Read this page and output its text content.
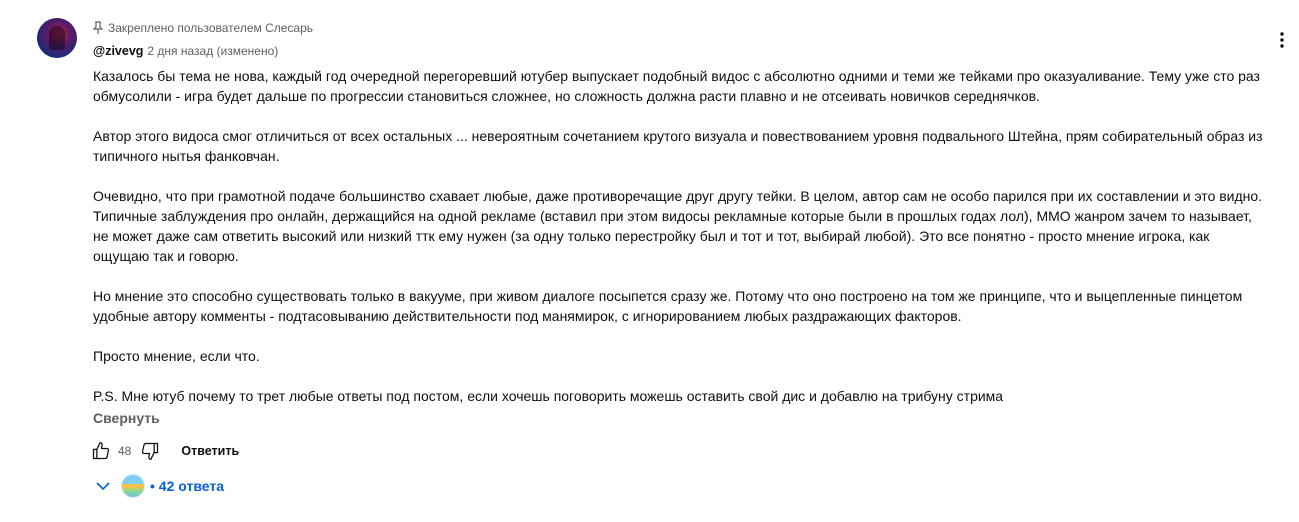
Закреплено пользователем Слесарь
@zivevg 2 дня назад (изменено)

Казалось бы тема не нова, каждый год очередной перегоревший ютубер выпускает подобный видос с абсолютно одними и теми же тейками про оказуаливание. Тему уже сто раз обмусолили - игра будет дальше по прогрессии становиться сложнее, но сложность должна расти плавно и не отсеивать новичков середнячков.

Автор этого видоса смог отличиться от всех остальных ... невероятным сочетанием крутого визуала и повествованием уровня подвального Штейна, прям собирательный образ из типичного нытья фанковчан.

Очевидно, что при грамотной подаче большинство схавает любые, даже противоречащие друг другу тейки. В целом, автор сам не особо парился при их составлении и это видно. Типичные заблуждения про онлайн, держащийся на одной рекламе (вставил при этом видосы рекламные которые были в прошлых годах лол), ММО жанром зачем то называет, не может даже сам ответить высокий или низкий ттк ему нужен (за одну только перестройку был и тот и тот, выбирай любой). Это все понятно - просто мнение игрока, как ощущаю так и говорю.

Но мнение это способно существовать только в вакууме, при живом диалоге посыпется сразу же. Потому что оно построено на том же принципе, что и выцепленные пинцетом удобные автору комменты - подтасовыванию действительности под манямирок, с игнорированием любых раздражающих факторов.

Просто мнение, если что.

P.S. Мне ютуб почему то трет любые ответы под постом, если хочешь поговорить можешь оставить свой дис и добавлю на трибуну стрима

Свернуть
48	Ответить
• 42 ответа
